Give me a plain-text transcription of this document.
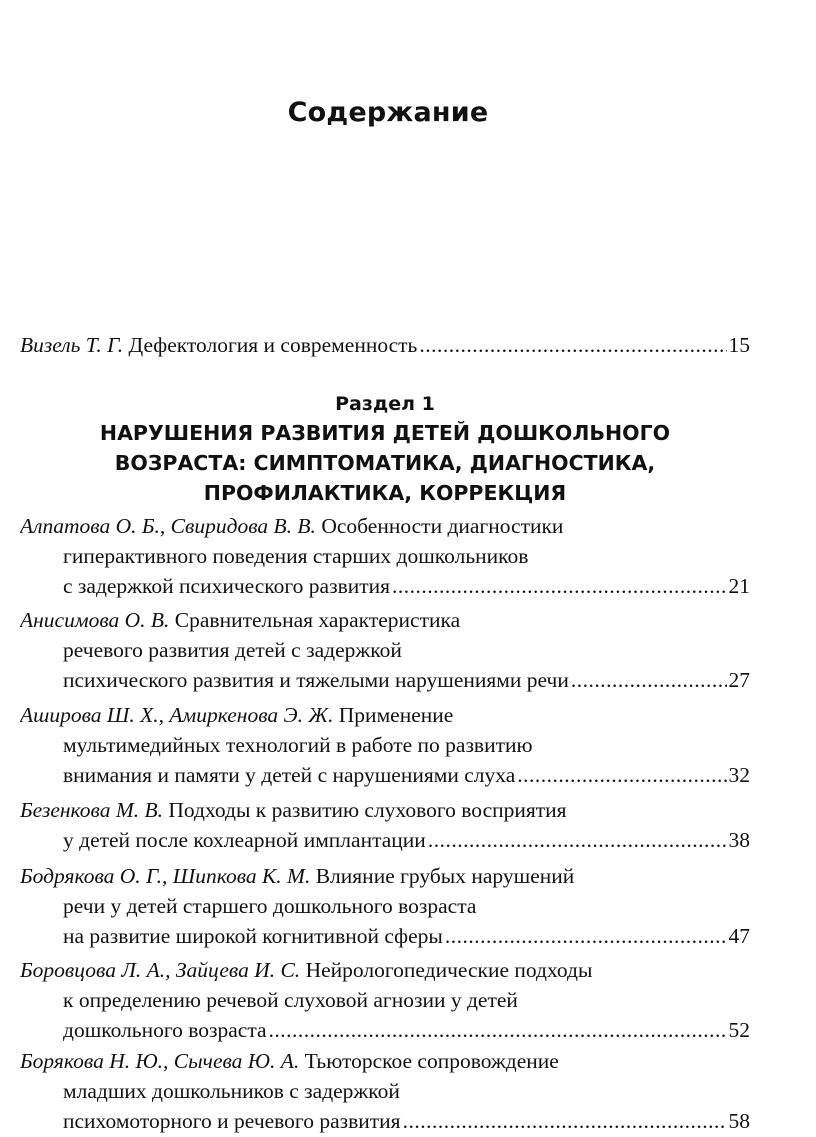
Содержание
Визель Т. Г. Дефектология и современность .....	15
Алпатова О. Б., Свиридова В. В. Особенности диагностики
гиперактивного поведения старших дошкольников
с задержкой психического развития .....	21
Анисимова О. В. Сравнительная характеристика
речевого развития детей с задержкой
психического развития и тяжелыми нарушениями речи .....	27
Аширова Ш. Х., Амиркенова Э. Ж. Применение
мультимедийных технологий в работе по развитию
внимания и памяти у детей с нарушениями слуха .....	32
Безенкова М. В. Подходы к развитию слухового восприятия
у детей после кохлеарной имплантации .....	38
Бодрякова О. Г., Шипкова К. М. Влияние грубых нарушений
речи у детей старшего дошкольного возраста
на развитие широкой когнитивной сферы .....	47
Боровцова Л. А., Зайцева И. С. Нейрологопедические подходы
к определению речевой слуховой агнозии у детей
дошкольного возраста .....	52
Борякова Н. Ю., Сычева Ю. А. Тьюторское сопровождение
младших дошкольников с задержкой
психомоторного и речевого развития .....	58
Раздел 1
НАРУШЕНИЯ РАЗВИТИЯ ДЕТЕЙ ДОШКОЛЬНОГО
ВОЗРАСТА: СИМПТОМАТИКА, ДИАГНОСТИКА,
ПРОФИЛАКТИКА, КОРРЕКЦИЯ
